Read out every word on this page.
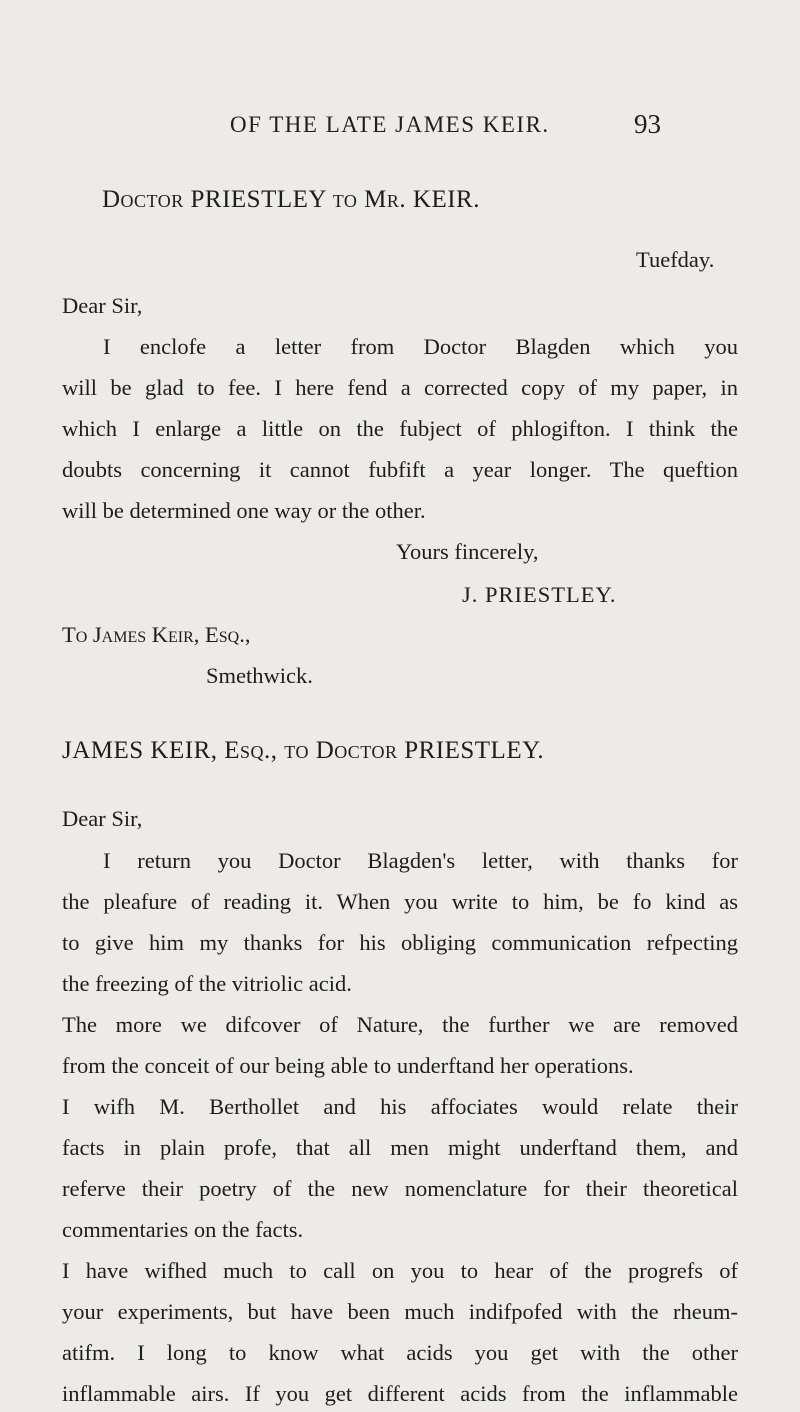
OF THE LATE JAMES KEIR.	93
Doctor PRIESTLEY to Mr. KEIR.
Tuefday.
Dear Sir,
I enclofe a letter from Doctor Blagden which you
will be glad to fee. I here fend a corrected copy of my paper, in
which I enlarge a little on the fubject of phlogifton. I think the
doubts concerning it cannot fubfift a year longer. The queftion
will be determined one way or the other.
Yours fincerely,
J. PRIESTLEY.
To James Keir, Esq.,
Smethwick.
JAMES KEIR, Esq., to Doctor PRIESTLEY.
Dear Sir,
I return you Doctor Blagden's letter, with thanks for
the pleafure of reading it. When you write to him, be fo kind as
to give him my thanks for his obliging communication refpecting
the freezing of the vitriolic acid.
The more we difcover of Nature, the further we are removed
from the conceit of our being able to underftand her operations.
I wifh M. Berthollet and his affociates would relate their
facts in plain profe, that all men might underftand them, and
referve their poetry of the new nomenclature for their theoretical
commentaries on the facts.
I have wifhed much to call on you to hear of the progrefs of
your experiments, but have been much indifpofed with the rheum-
atifm. I long to know what acids you get with the other
inflammable airs. If you get different acids from the inflammable
